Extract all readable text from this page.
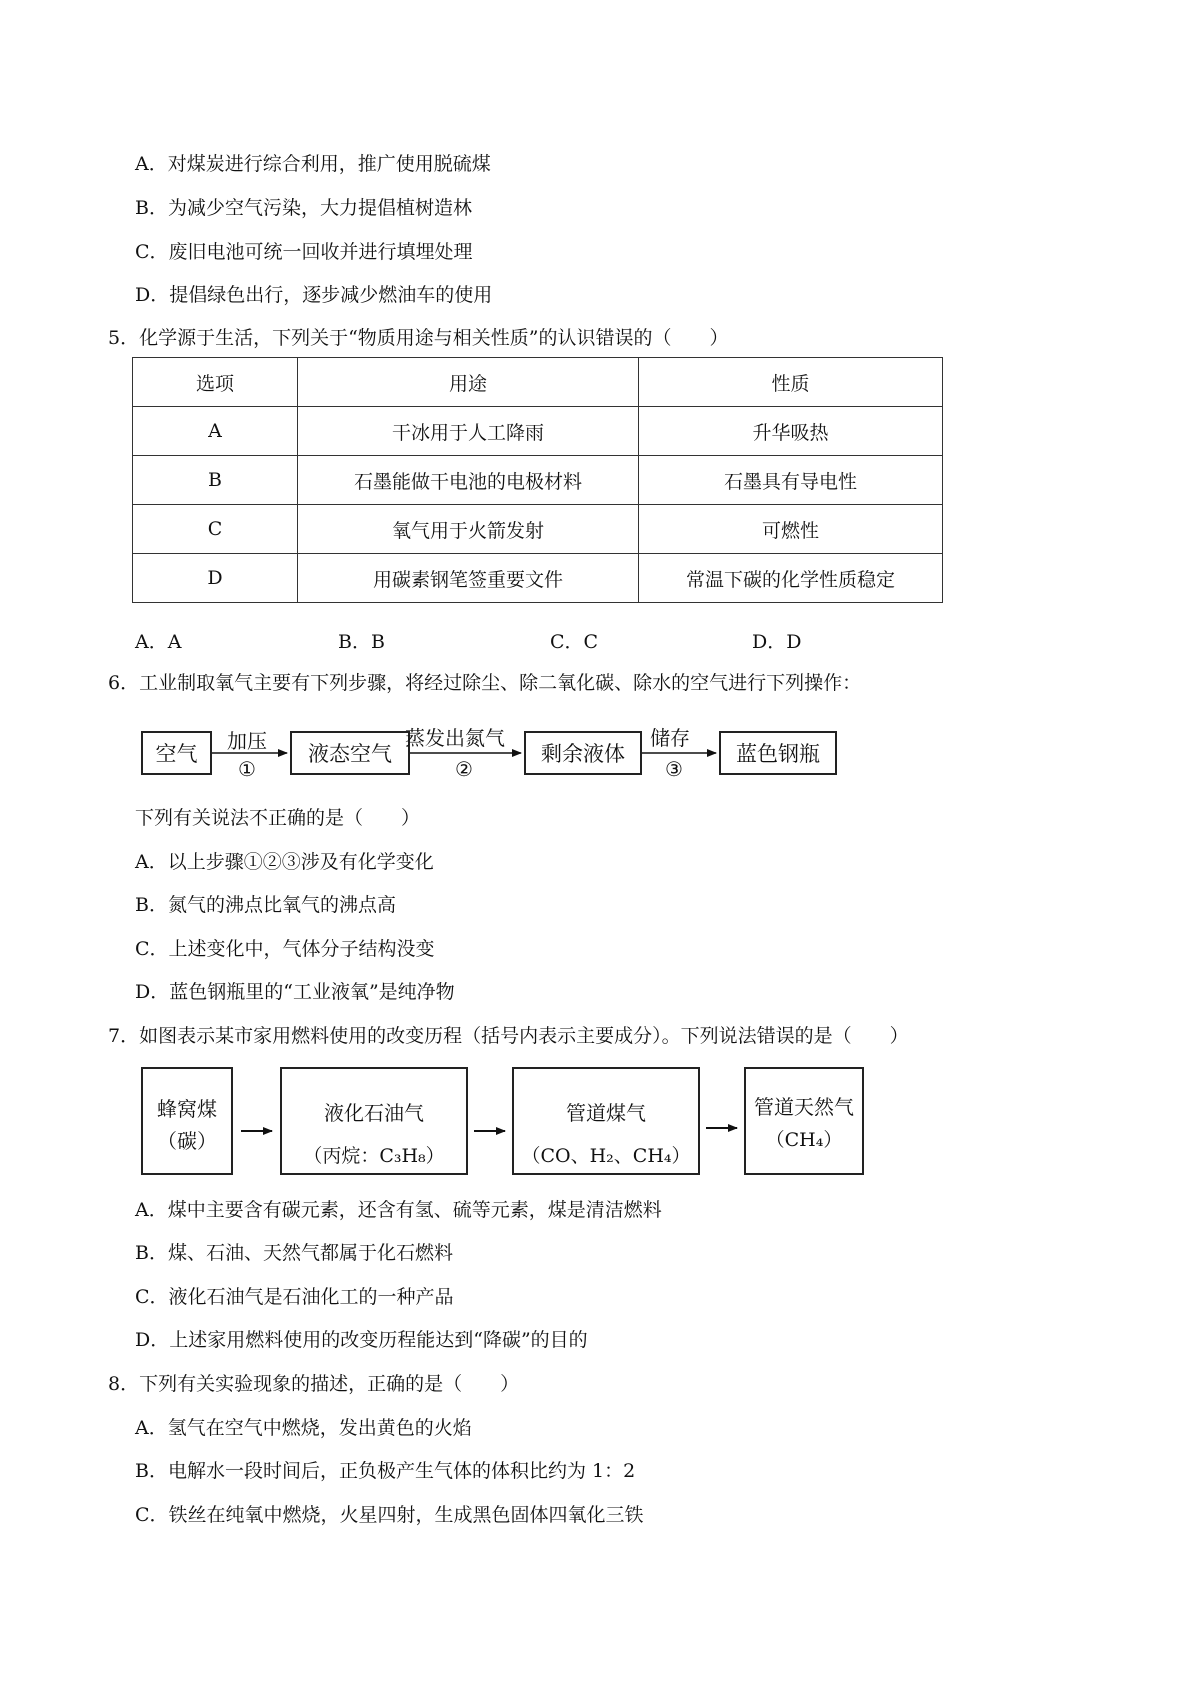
A．对煤炭进行综合利用，推广使用脱硫煤
B．为减少空气污染，大力提倡植树造林
C．废旧电池可统一回收并进行填埋处理
D．提倡绿色出行，逐步减少燃油车的使用
5．化学源于生活，下列关于“物质用途与相关性质”的认识错误的（　　）
选项	用途	性质
A	干冰用于人工降雨	升华吸热
B	石墨能做干电池的电极材料	石墨具有导电性
C	氧气用于火箭发射	可燃性
D	用碳素钢笔签重要文件	常温下碳的化学性质稳定
A．A	B．B	C．C	D．D
6．工业制取氧气主要有下列步骤，将经过除尘、除二氧化碳、除水的空气进行下列操作：
空气	液态空气	剩余液体	蓝色钢瓶
加压	蒸发出氮气	储存
①	②	③
下列有关说法不正确的是（　　）
A．以上步骤①②③涉及有化学变化
B．氮气的沸点比氧气的沸点高
C．上述变化中，气体分子结构没变
D．蓝色钢瓶里的“工业液氧”是纯净物
7．如图表示某市家用燃料使用的改变历程（括号内表示主要成分）。下列说法错误的是（　　）
蜂窝煤
（碳）
液化石油气
（丙烷：C₃H₈）
管道煤气
（CO、H₂、CH₄）
管道天然气
（CH₄）
A．煤中主要含有碳元素，还含有氢、硫等元素，煤是清洁燃料
B．煤、石油、天然气都属于化石燃料
C．液化石油气是石油化工的一种产品
D．上述家用燃料使用的改变历程能达到“降碳”的目的
8．下列有关实验现象的描述，正确的是（　　）
A．氢气在空气中燃烧，发出黄色的火焰
B．电解水一段时间后，正负极产生气体的体积比约为 1：2
C．铁丝在纯氧中燃烧，火星四射，生成黑色固体四氧化三铁
